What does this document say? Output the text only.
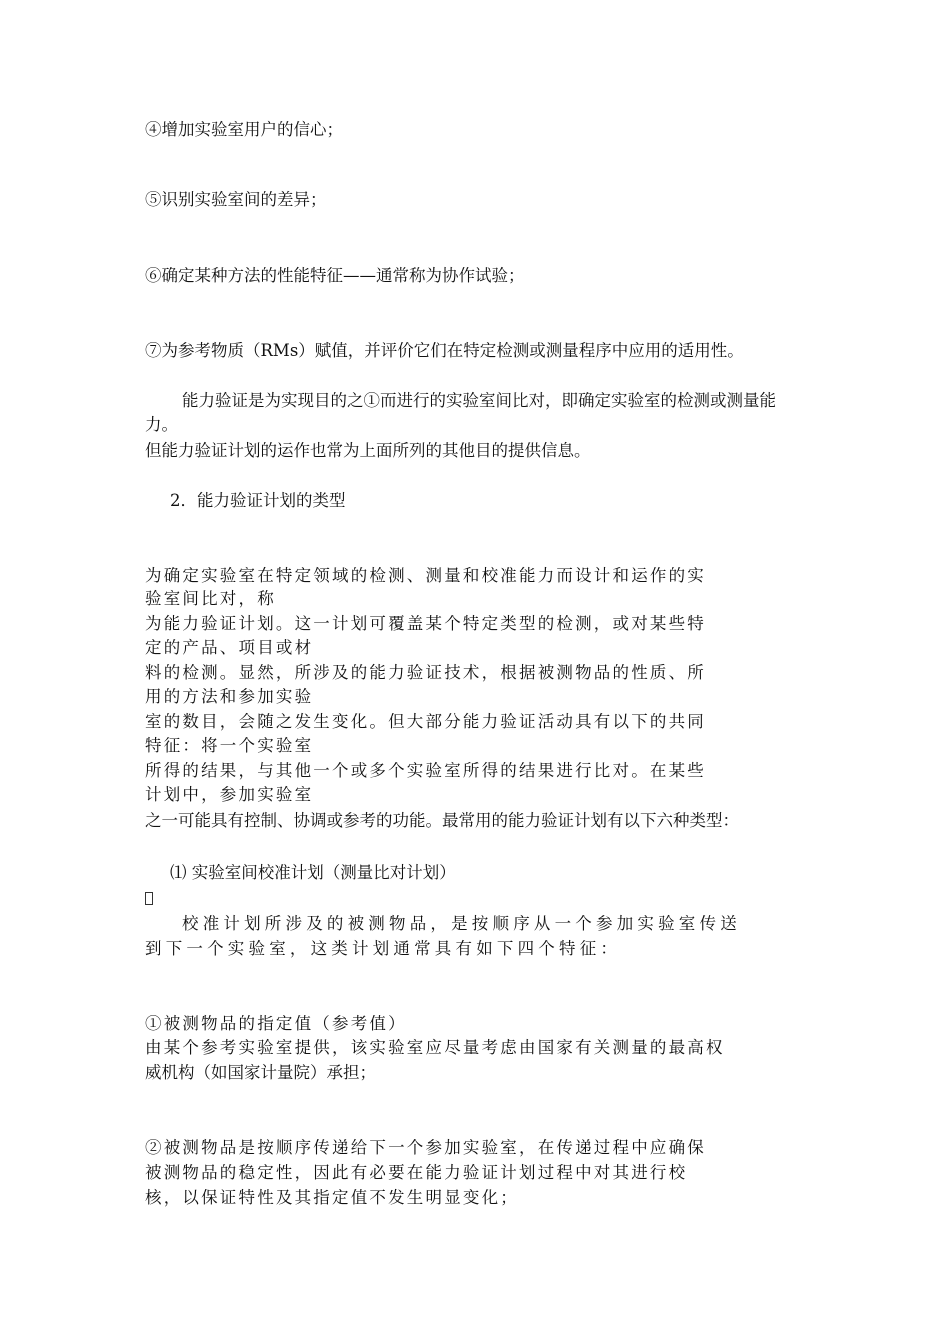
④增加实验室用户的信心；
⑤识别实验室间的差异；
⑥确定某种方法的性能特征——通常称为协作试验；
⑦为参考物质（RMs）赋值，并评价它们在特定检测或测量程序中应用的适用性。
能力验证是为实现目的之①而进行的实验室间比对，即确定实验室的检测或测量能
力。
但能力验证计划的运作也常为上面所列的其他目的提供信息。
2．能力验证计划的类型
为确定实验室在特定领域的检测、测量和校准能力而设计和运作的实
验室间比对，称
为能力验证计划。这一计划可覆盖某个特定类型的检测，或对某些特
定的产品、项目或材
料的检测。显然，所涉及的能力验证技术，根据被测物品的性质、所
用的方法和参加实验
室的数目，会随之发生变化。但大部分能力验证活动具有以下的共同
特征：将一个实验室
所得的结果，与其他一个或多个实验室所得的结果进行比对。在某些
计划中，参加实验室
之一可能具有控制、协调或参考的功能。最常用的能力验证计划有以下六种类型：
⑴ 实验室间校准计划（测量比对计划）
校准计划所涉及的被测物品，是按顺序从一个参加实验室传送
到下一个实验室，这类计划通常具有如下四个特征：
①被测物品的指定值（参考值）
由某个参考实验室提供，该实验室应尽量考虑由国家有关测量的最高权
威机构（如国家计量院）承担；
②被测物品是按顺序传递给下一个参加实验室，在传递过程中应确保
被测物品的稳定性，因此有必要在能力验证计划过程中对其进行校
核，以保证特性及其指定值不发生明显变化；
